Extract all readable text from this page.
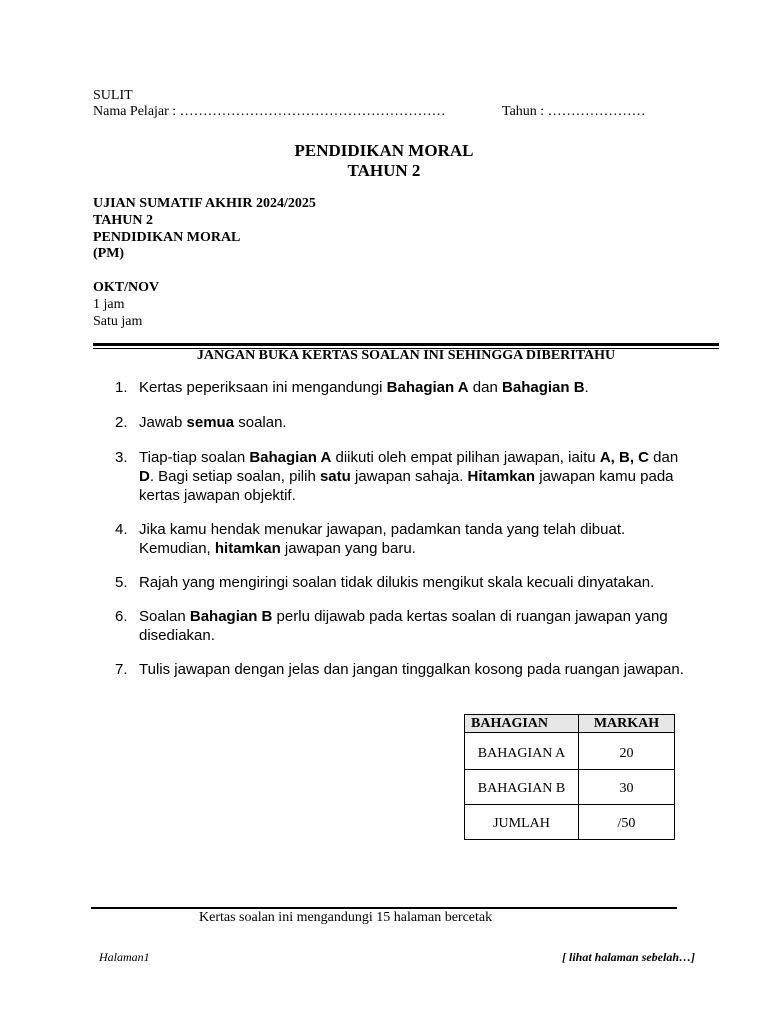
SULIT
Nama Pelajar : …………………………………………………	Tahun : …………………
PENDIDIKAN MORAL
TAHUN 2
UJIAN SUMATIF AKHIR 2024/2025
TAHUN 2
PENDIDIKAN MORAL
(PM)
OKT/NOV
1 jam
Satu jam
JANGAN BUKA KERTAS SOALAN INI SEHINGGA DIBERITAHU
1. Kertas peperiksaan ini mengandungi Bahagian A dan Bahagian B.
2. Jawab semua soalan.
3. Tiap-tiap soalan Bahagian A diikuti oleh empat pilihan jawapan, iaitu A, B, C dan D. Bagi setiap soalan, pilih satu jawapan sahaja. Hitamkan jawapan kamu pada kertas jawapan objektif.
4. Jika kamu hendak menukar jawapan, padamkan tanda yang telah dibuat. Kemudian, hitamkan jawapan yang baru.
5. Rajah yang mengiringi soalan tidak dilukis mengikut skala kecuali dinyatakan.
6. Soalan Bahagian B perlu dijawab pada kertas soalan di ruangan jawapan yang disediakan.
7. Tulis jawapan dengan jelas dan jangan tinggalkan kosong pada ruangan jawapan.
BAHAGIAN	MARKAH
BAHAGIAN A	20
BAHAGIAN B	30
JUMLAH	/50
Kertas soalan ini mengandungi 15 halaman bercetak
Halaman1	[ lihat halaman sebelah…]
